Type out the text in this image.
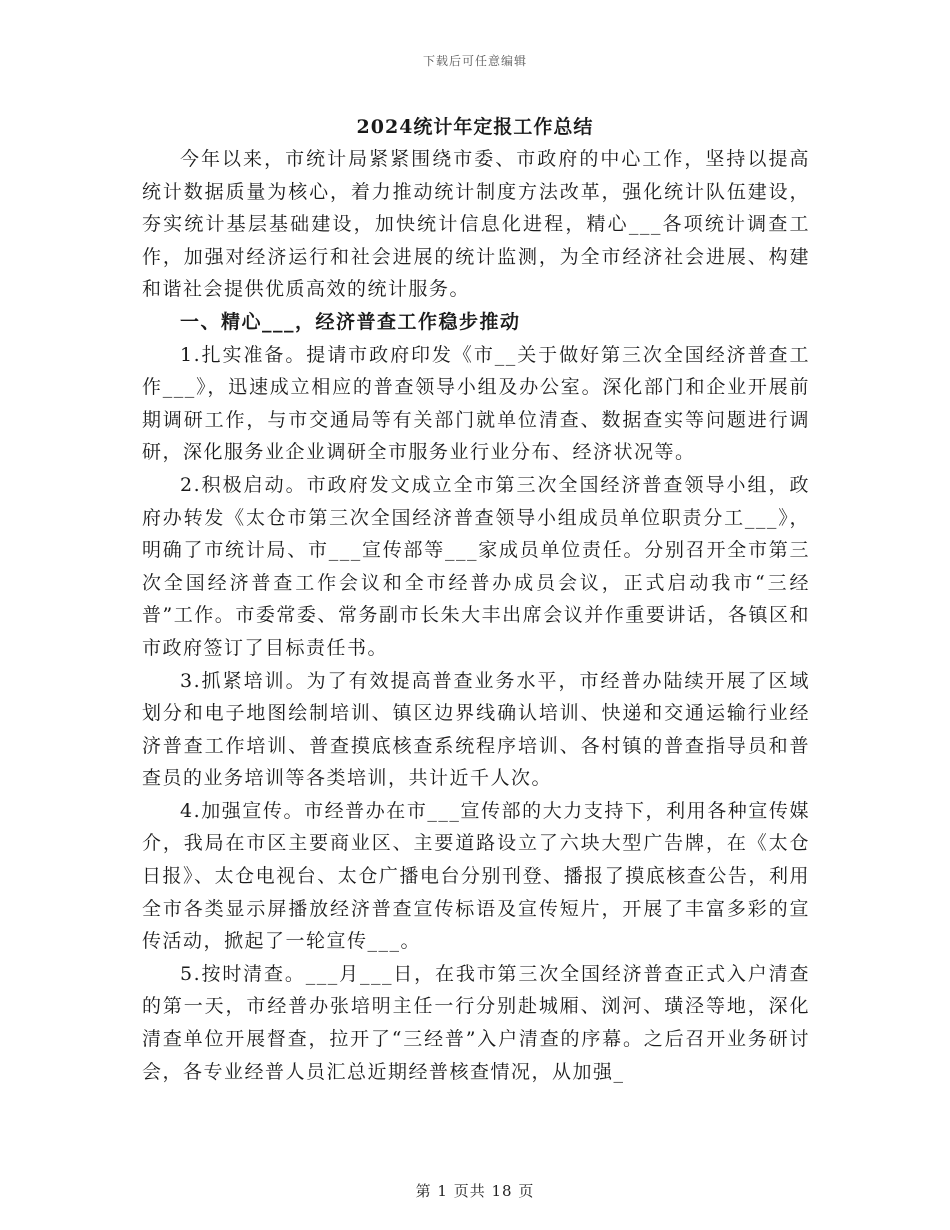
下载后可任意编辑
2024统计年定报工作总结

今年以来，市统计局紧紧围绕市委、市政府的中心工作，坚持以提高统计数据质量为核心，着力推动统计制度方法改革，强化统计队伍建设，夯实统计基层基础建设，加快统计信息化进程，精心___各项统计调查工作，加强对经济运行和社会进展的统计监测，为全市经济社会进展、构建和谐社会提供优质高效的统计服务。

一、精心___，经济普查工作稳步推动

1.扎实准备。提请市政府印发《市__关于做好第三次全国经济普查工作___》，迅速成立相应的普查领导小组及办公室。深化部门和企业开展前期调研工作，与市交通局等有关部门就单位清查、数据查实等问题进行调研，深化服务业企业调研全市服务业行业分布、经济状况等。

2.积极启动。市政府发文成立全市第三次全国经济普查领导小组，政府办转发《太仓市第三次全国经济普查领导小组成员单位职责分工___》，明确了市统计局、市___宣传部等___家成员单位责任。分别召开全市第三次全国经济普查工作会议和全市经普办成员会议，正式启动我市“三经普”工作。市委常委、常务副市长朱大丰出席会议并作重要讲话，各镇区和市政府签订了目标责任书。

3.抓紧培训。为了有效提高普查业务水平，市经普办陆续开展了区域划分和电子地图绘制培训、镇区边界线确认培训、快递和交通运输行业经济普查工作培训、普查摸底核查系统程序培训、各村镇的普查指导员和普查员的业务培训等各类培训，共计近千人次。

4.加强宣传。市经普办在市___宣传部的大力支持下，利用各种宣传媒介，我局在市区主要商业区、主要道路设立了六块大型广告牌，在《太仓日报》、太仓电视台、太仓广播电台分别刊登、播报了摸底核查公告，利用全市各类显示屏播放经济普查宣传标语及宣传短片，开展了丰富多彩的宣传活动，掀起了一轮宣传___。

5.按时清查。___月___日，在我市第三次全国经济普查正式入户清查的第一天，市经普办张培明主任一行分别赴城厢、浏河、璜泾等地，深化清查单位开展督查，拉开了“三经普”入户清查的序幕。之后召开业务研讨会，各专业经普人员汇总近期经普核查情况，从加强_

第 1 页共 18 页
